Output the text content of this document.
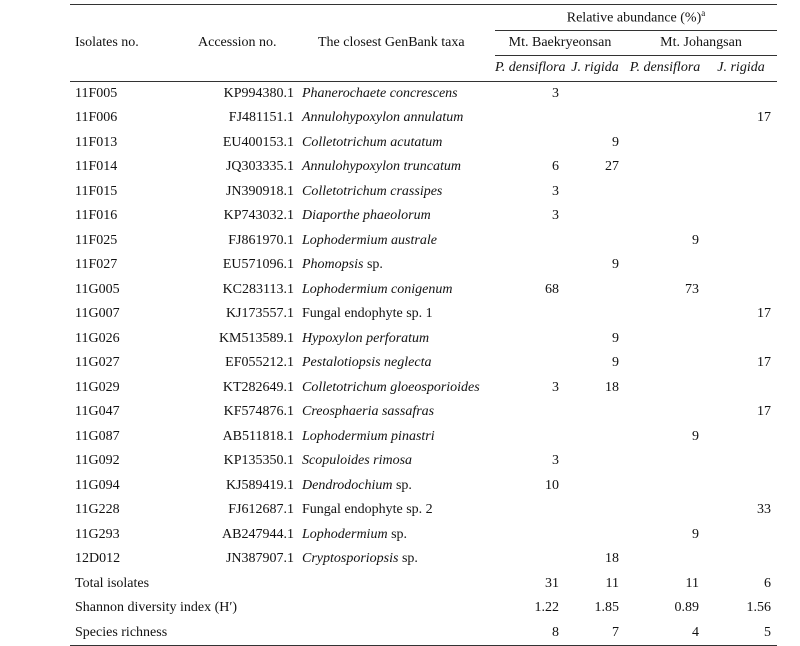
			Relative abundance (%)$^a$
Isolates no.	Accession no.	The closest GenBank taxa	Mt. Baekryeonsan		Mt. Johangsan	
			P. densiflora	J. rigida	P. densiflora	J. rigida
11F005	KP994380.1	Phanerochaete concrescens	3			
11F006	FJ481151.1	Annulohypoxylon annulatum				17
11F013	EU400153.1	Colletotrichum acutatum		9		
11F014	JQ303335.1	Annulohypoxylon truncatum	6	27		
11F015	JN390918.1	Colletotrichum crassipes	3			
11F016	KP743032.1	Diaporthe phaeolorum	3			
11F025	FJ861970.1	Lophodermium australe			9	
11F027	EU571096.1	Phomopsis sp.		9		
11G005	KC283113.1	Lophodermium conigenum	68		73	
11G007	KJ173557.1	Fungal endophyte sp. 1				17
11G026	KM513589.1	Hypoxylon perforatum		9		
11G027	EF055212.1	Pestalotiopsis neglecta		9		17
11G029	KT282649.1	Colletotrichum gloeosporioides	3	18		
11G047	KF574876.1	Creosphaeria sassafras				17
11G087	AB511818.1	Lophodermium pinastri			9	
11G092	KP135350.1	Scopuloides rimosa	3			
11G094	KJ589419.1	Dendrodochium sp.	10			
11G228	FJ612687.1	Fungal endophyte sp. 2				33
11G293	AB247944.1	Lophodermium sp.			9	
12D012	JN387907.1	Cryptosporiopsis sp.		18		
Total isolates			31	11	11	6
Shannon diversity index (H′)			1.22	1.85	0.89	1.56
Species richness			8	7	4	5
